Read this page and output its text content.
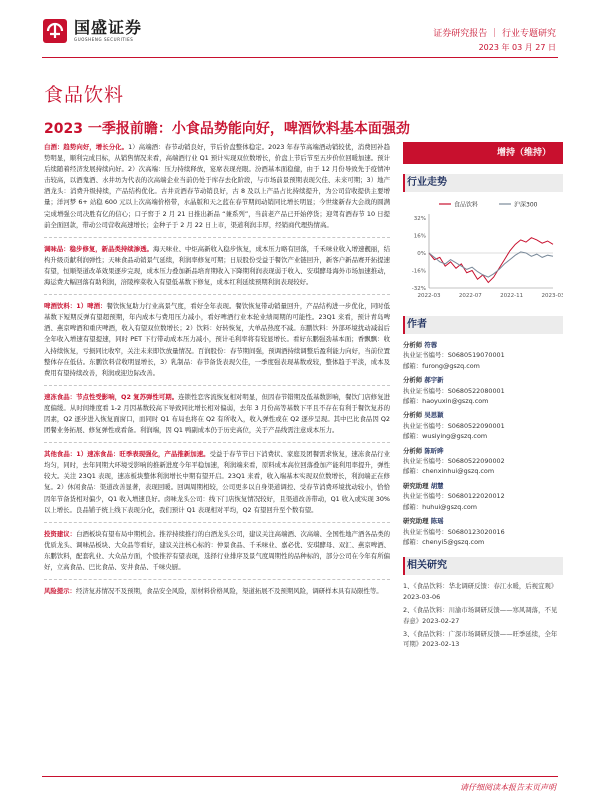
国盛证券
GUOSHENG SECURITIES
证券研究报告 ｜ 行业专题研究
2023 年 03 月 27 日
食品饮料
2023 一季报前瞻：小食品势能向好，啤酒饮料基本面强劲
白酒：趋势向好，增长分化。1）高端酒：春节动销良好，节后价盘整体稳定。2023 年春节高端酒动销较优，消费回补趋势明显，顺利完成目标，从销售情况来看，高端酒行业 Q1 预计实现双位数增长，价盘上节后节至五步价位回暖加速。预计后续随着经济发展持续向好。2）次高端：压力持续释放，宴席表现亮眼。汾酒基本面稳健，由于 12 月份导致先于疫情冲击较高，以酒鬼酒、水井坊为代表的次高端企业当前仍处于库存去化阶段，与市场前景预期表现欠佳、未来可期；3）地产酒龙头：消费升级持续，产品结构优化。古井贡酒春节动销良好，古 8 及以上产品占比持续提升，为公司营收提供主要增量；洋河梦 6+ 站稳 600 元以上次高端价格带，水晶版和天之蓝在春节期间动销同比增长明显；今世缘新春大会战的圆满完成增强公司决胜有亿的信心；口子窖于 2 月 21 日推出新品 “兼系列”，当前老产品已开始停货；迎驾有酒春节 10 日提前全面回款，带动公司营收高速增长；金种子于 2 月 22 日上市，渠道利润丰厚，经销商代理热情高。
调味品：稳步修复，新品类持续渗透。海天味业、中炬高新收入稳步恢复，成本压力略有回落，千禾味业收入增速靓丽，结构升级贡献利润弹性；天味食品动销景气延续，利润率修复可期；日辰股份受益于餐饮产业链回升，新客户新品赛开拓提速有望，恒顺渠道改革效果逐步完现，成本压力叠加新品培育期收入下降期利润表现弱于收入、安琪酵母海外市场加速推动，海运费大幅回落有助利润，涪陵榨菜收入有望低基数下修复，成本红利延续预期利润表现较好。
啤酒饮料：1）啤酒：餐饮恢复助力行业高景气度，看好全年表现。餐饮恢复带动销量回升，产品结构进一步优化，同时低基数下短期反弹有望超预期，年内成本与费用压力减小，看好啤酒行业本轮业绩周期的可能性。23Q1 来看，预计青岛啤酒、燕京啤酒和重庆啤酒，收入有望双位数增长；2）饮料：好转恢复，大单品热度不减。东鹏饮料：外部环境扰动减弱后全年收入增速有望提速，同时 PET 下行带动成本压力减小，预计毛利率将有较显增长。看好东鹏强劲基本面；香飘飘：收入持续恢复，亏损同比收窄，关注未来即饮放量情况。百润股份：春节期间强，预调酒持续调整后盈利能力向好，当前位置整体存在低估。东鹏饮料营收明显增长，3）乳制品：春节备货表现欠佳，一季度强表现基数或较，整体趋于平淡，成本及费用有望持续改善，利润或迎边际改善。
速冻食品：节点性受影响，Q2 复苏弹性可期。连锁性恋客流恢复相对明显，但因春节错期及低基数影响，餐饮门店修复进度偏缓。从时间维度看 1-2 月因基数较高下导致同比增长相对偏弱，去年 3 月份高等基数下平且不存在有利于餐饮复苏的因素，Q2 逐步进入恢复面窗口，而同时 Q1 布局也将在 Q2 有所收入，收入弹性或在 Q2 逐步呈现。其中巴比食品因 Q2 团餐业务拓展、修复弹性或看备。利润端，因 Q1 鸭副成本仍于历史高位，关于产品线需注意成本压力。
其他食品：1）速冻食品：旺季表现强化，产品推新加速。受益于春节节日下消费状、家庭及团餐需求恢复，速冻食品行业均匀，同时，去年同期大环境受影响的推新进度今年平稳加速，利润端来看，原料成本高位回落叠加产能利用率提升，弹性较大。关注 23Q1 表现，速冻板块整体利润增长中期有望开启。23Q1 来看，收入端基本实现双位数增长，利润端正在修复。2）休闲食品：渠道改善显著，表现回暖。回调周期相较，公司更多以自身渠道调控、受春节消费环境扰动较小，恰恰因年节备货相对偏少，Q1 收入增速良好。卤味龙头公司：线下门店恢复情况较好，且渠道改善带动，Q1 收入或实现 30% 以上增长。良品铺子统上线下表现分化，我们预计 Q1 表现相对平均，Q2 有望回升至个数有望。
投资建议：白酒板块有望布局中期机会。推荐持续推行的白酒龙头公司，建议关注高端酒、次高端、全国性地产酒各品类的优质龙头、调味品板块、大众品等看好，建议关注核心标的：仲景食品、千禾味业、嘉必优、安琪酵母、双汇、燕京啤酒、东鹏饮料，配套乳业、大众品方面，个股推荐有望表现，选择行业排序及景气度周期性的品种标的，部分公司在今年有所偏好，立高食品、巴比食品、安井食品、千味央厨。
风险提示：经济复苏情况不及预期，食品安全风险，原材料价格风险，渠道拓展不及预期风险，调研样本具有局限性等。
增持（维持）
行业走势
食品饮料	沪深300
32%
16%
0%
-16%
-32%
2022-03	2022-07	2022-11	2023-03
作者
分析师 符蓉
执业证书编号：S0680519070001
邮箱：furong@gszq.com
分析师 郝宇新
执业证书编号：S0680522080001
邮箱：haoyuxin@gszq.com
分析师 吴思颖
执业证书编号：S0680522090001
邮箱：wusiying@gszq.com
分析师 陈昕晔
执业证书编号：S0680522090002
邮箱：chenxinhui@gszq.com
研究助理 胡慧
执业证书编号：S0680122020012
邮箱：huhui@gszq.com
研究助理 陈瑶
执业证书编号：S0680123020016
邮箱：chenyi5@gszq.com
相关研究
1、《食品饮料：华北调研反馈：春江水暖，后视宜观》2023-03-06
2、《食品饮料：川渝市场调研反馈——寒风凋落，不见春意》2023-02-27
3、《食品饮料：广深市场调研反馈——旺季延续，全年可期》2023-02-13
请仔细阅读本报告末页声明
